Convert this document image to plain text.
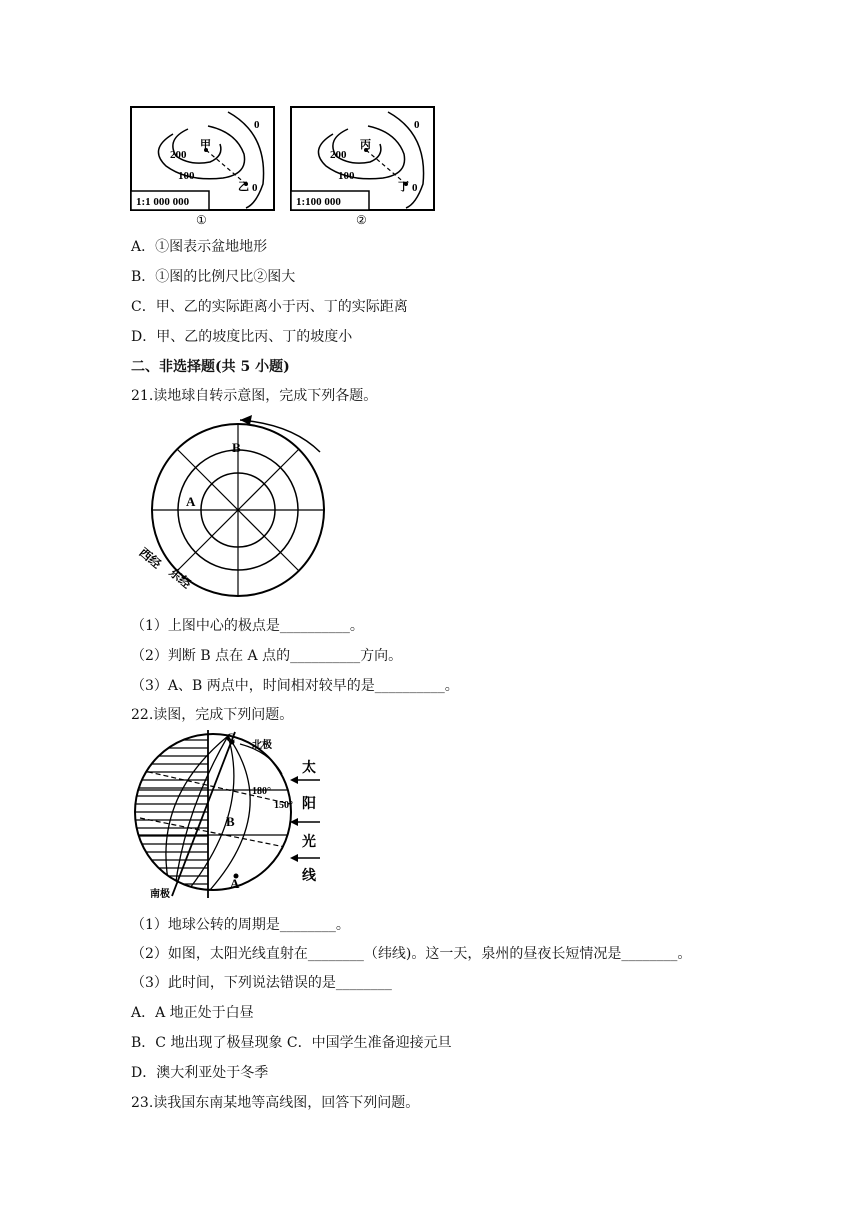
0
200
甲
100
乙 0
1:1 000 000
①
0
200
丙
100
丁 0
1:100 000
②
A．①图表示盆地地形
B．①图的比例尺比②图大
C．甲、乙的实际距离小于丙、丁的实际距离
D．甲、乙的坡度比丙、丁的坡度小
二、非选择题(共 5 小题)
21.读地球自转示意图，完成下列各题。
B
A
西经
东经
（1）上图中心的极点是__________。
（2）判断 B 点在 A 点的__________方向。
（3）A、B 两点中，时间相对较早的是__________。
22.读图，完成下列问题。
C
北极
南极
B
A
180°
150°
太
阳
光
线
（1）地球公转的周期是________。
（2）如图，太阳光线直射在________（纬线)。这一天，泉州的昼夜长短情况是________。
（3）此时间，下列说法错误的是________
A．A 地正处于白昼
B．C 地出现了极昼现象 C．中国学生准备迎接元旦
D．澳大利亚处于冬季
23.读我国东南某地等高线图，回答下列问题。
